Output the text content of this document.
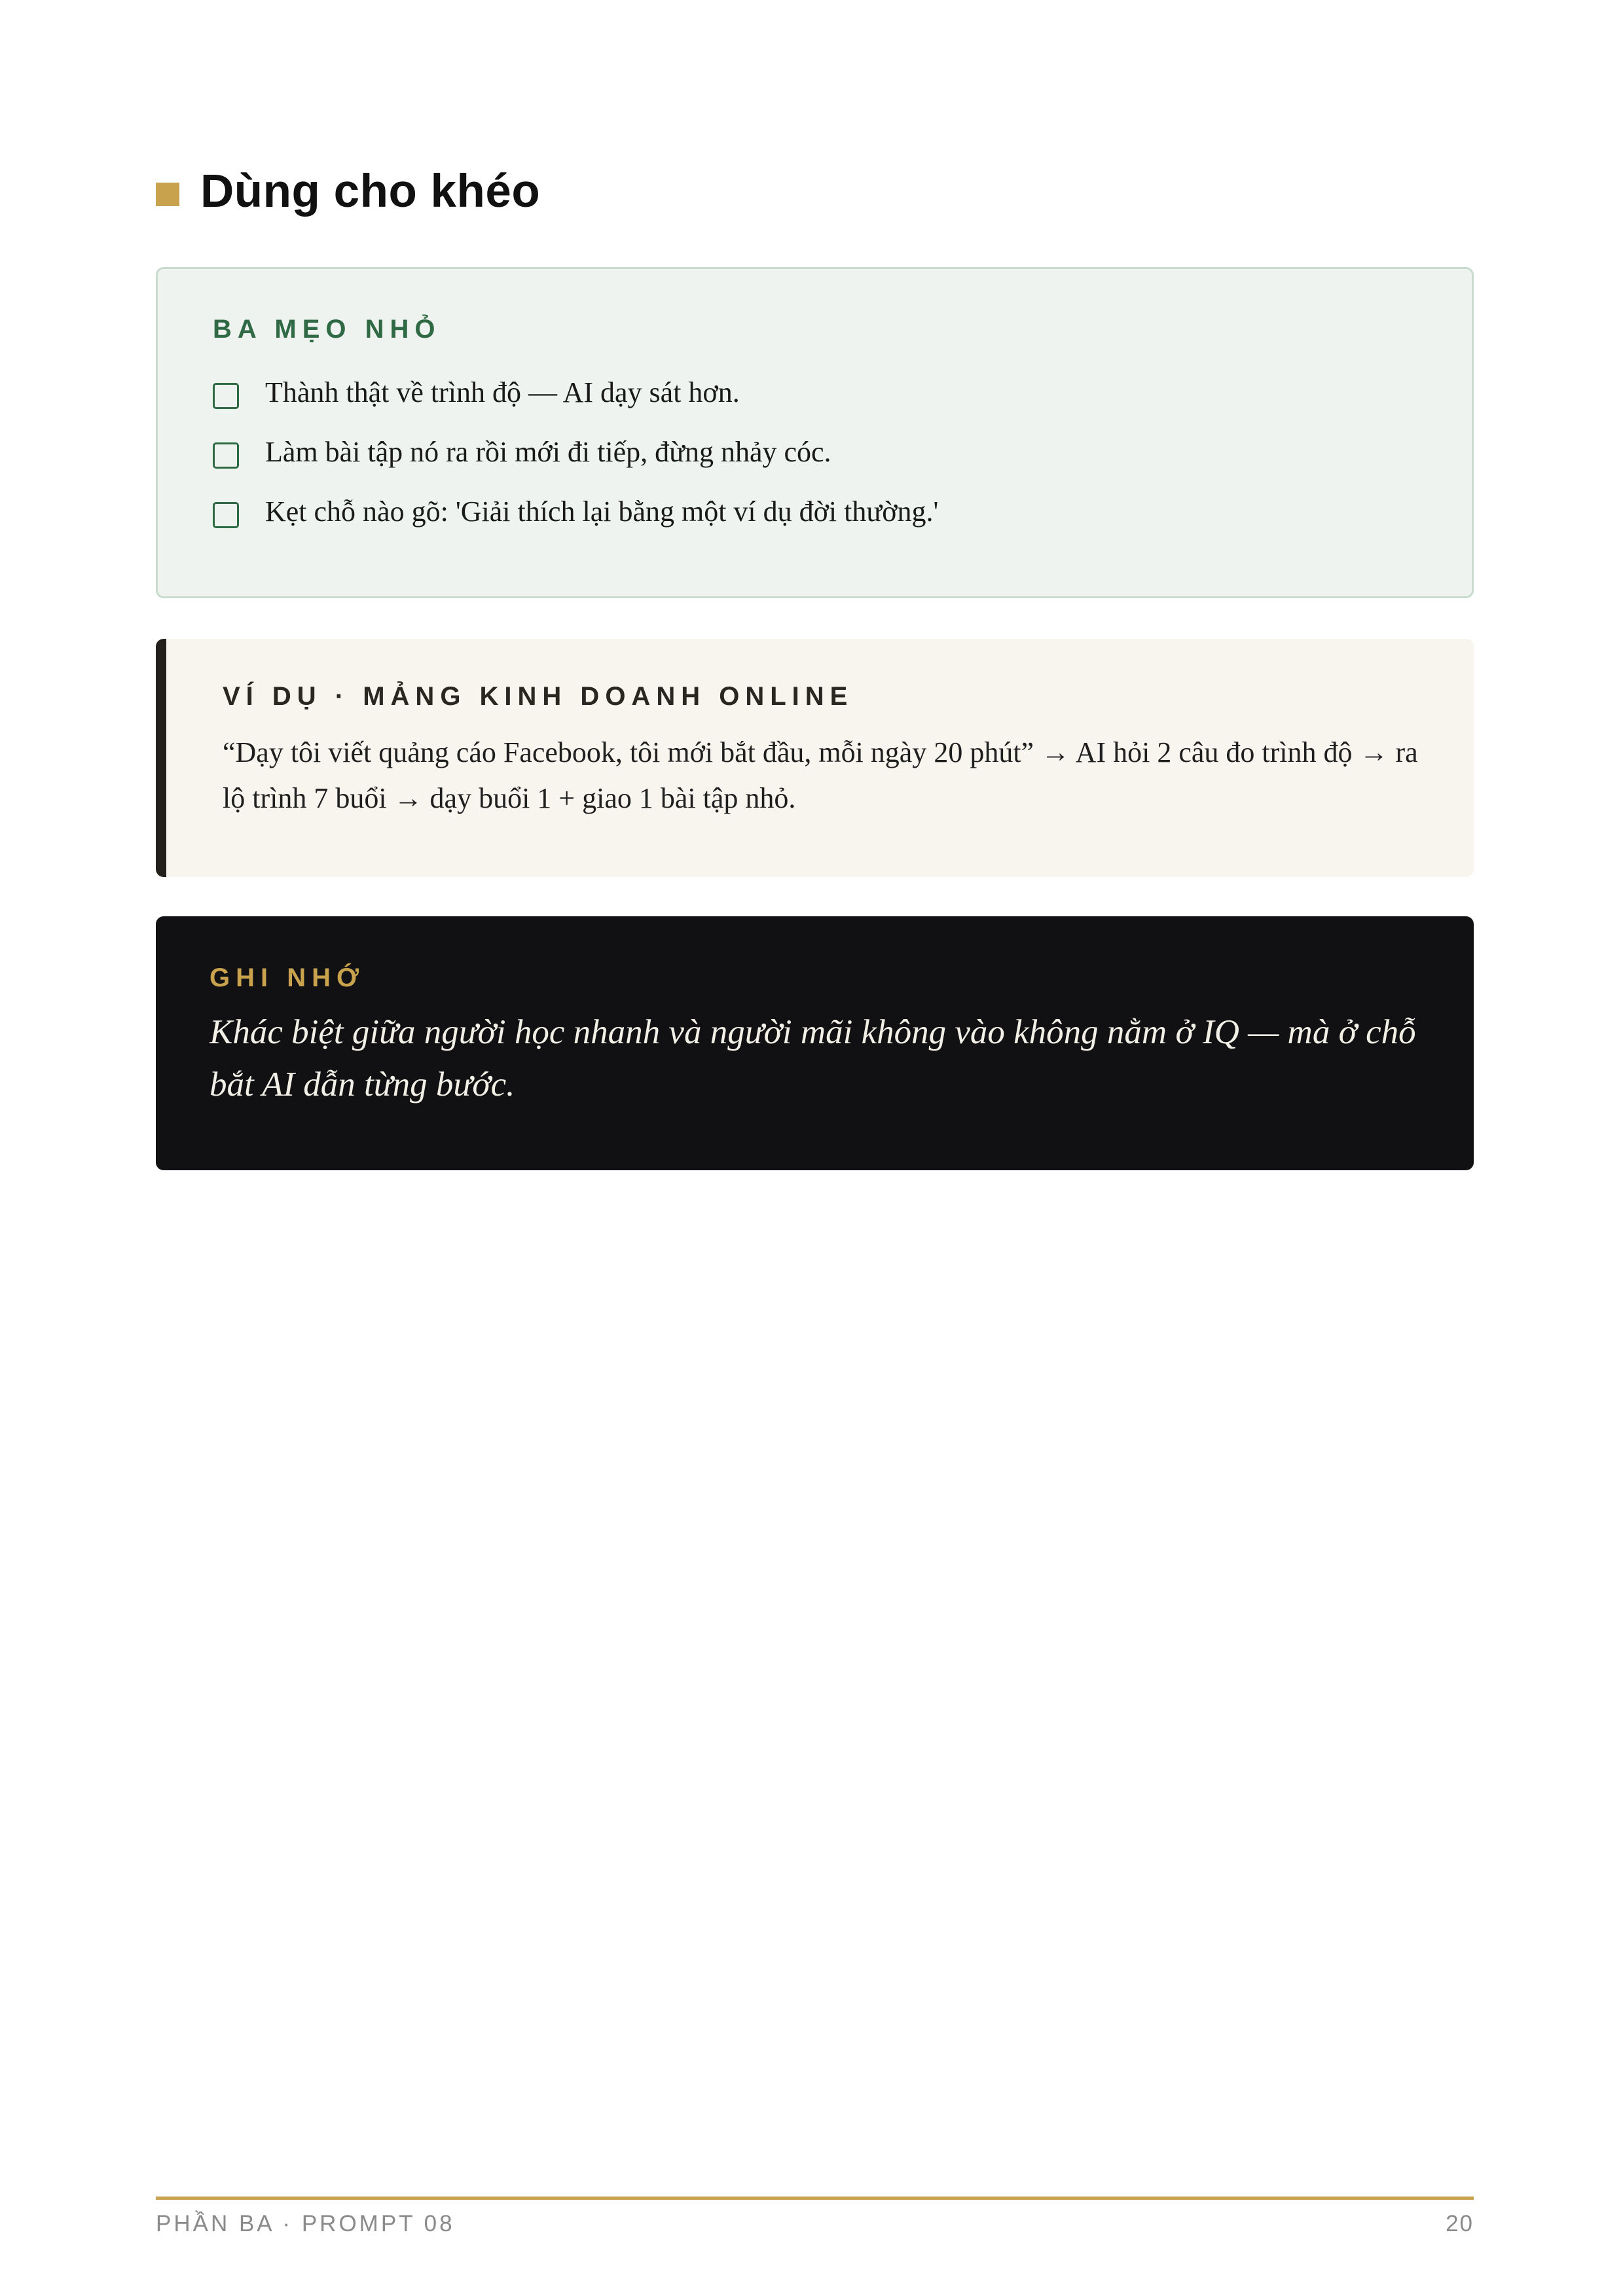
Dùng cho khéo
BA MẸO NHỎ
Thành thật về trình độ — AI dạy sát hơn.
Làm bài tập nó ra rồi mới đi tiếp, đừng nhảy cóc.
Kẹt chỗ nào gõ: 'Giải thích lại bằng một ví dụ đời thường.'
VÍ DỤ · MẢNG KINH DOANH ONLINE
“Dạy tôi viết quảng cáo Facebook, tôi mới bắt đầu, mỗi ngày 20 phút” → AI hỏi 2 câu đo trình độ → ra lộ trình 7 buổi → dạy buổi 1 + giao 1 bài tập nhỏ.
GHI NHỚ
Khác biệt giữa người học nhanh và người mãi không vào không nằm ở IQ — mà ở chỗ bắt AI dẫn từng bước.
PHẦN BA · PROMPT 08	20
